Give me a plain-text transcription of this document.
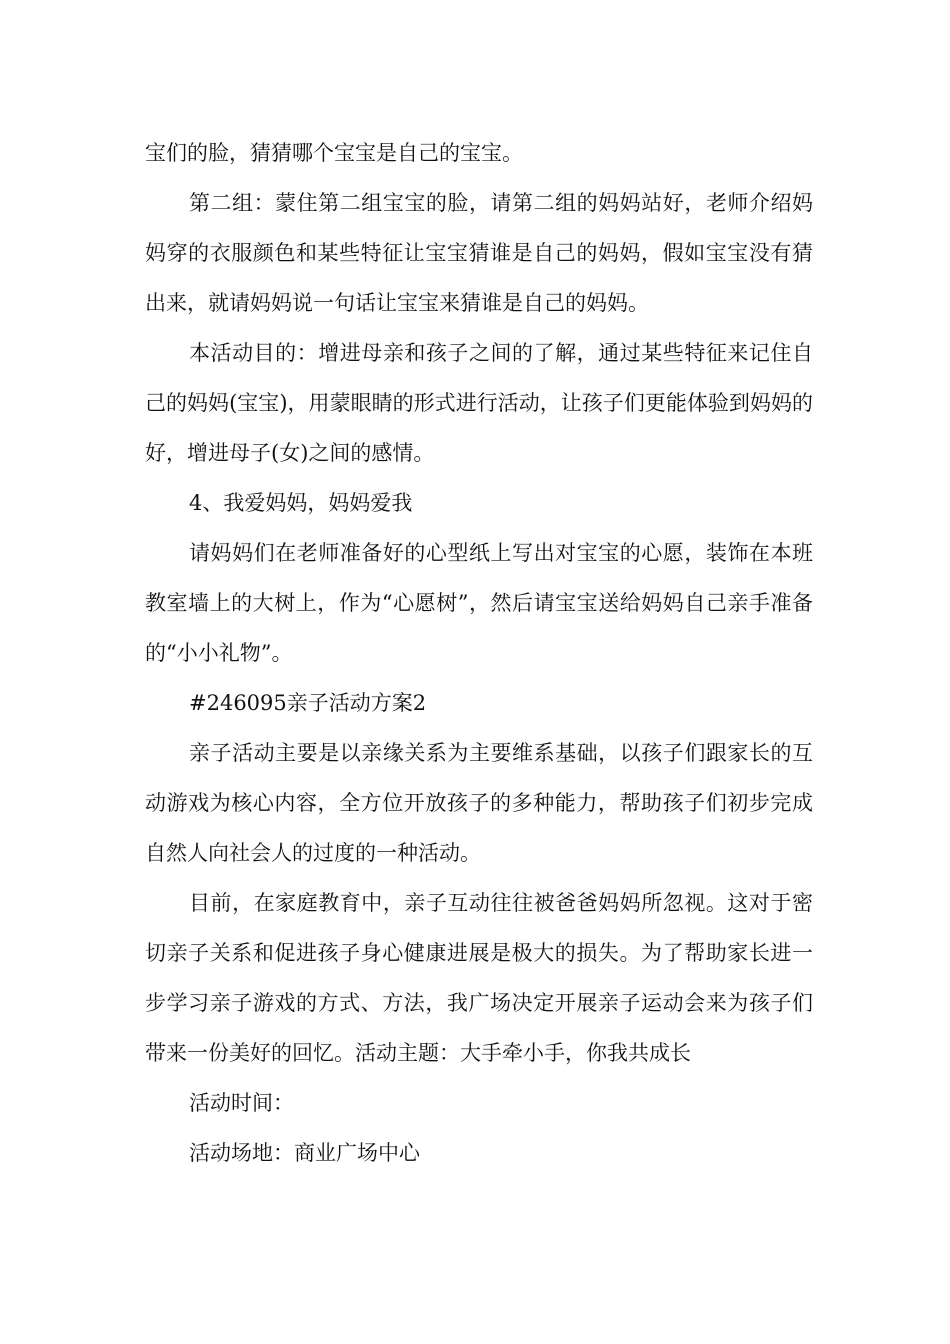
宝们的脸，猜猜哪个宝宝是自己的宝宝。

第二组：蒙住第二组宝宝的脸，请第二组的妈妈站好，老师介绍妈妈穿的衣服颜色和某些特征让宝宝猜谁是自己的妈妈，假如宝宝没有猜出来，就请妈妈说一句话让宝宝来猜谁是自己的妈妈。

本活动目的：增进母亲和孩子之间的了解，通过某些特征来记住自己的妈妈(宝宝)，用蒙眼睛的形式进行活动，让孩子们更能体验到妈妈的好，增进母子(女)之间的感情。

4、我爱妈妈，妈妈爱我

请妈妈们在老师准备好的心型纸上写出对宝宝的心愿，装饰在本班教室墙上的大树上，作为“心愿树”，然后请宝宝送给妈妈自己亲手准备的“小小礼物”。

#246095亲子活动方案2

亲子活动主要是以亲缘关系为主要维系基础，以孩子们跟家长的互动游戏为核心内容，全方位开放孩子的多种能力，帮助孩子们初步完成自然人向社会人的过度的一种活动。

目前，在家庭教育中，亲子互动往往被爸爸妈妈所忽视。这对于密切亲子关系和促进孩子身心健康进展是极大的损失。为了帮助家长进一步学习亲子游戏的方式、方法，我广场决定开展亲子运动会来为孩子们带来一份美好的回忆。活动主题：大手牵小手，你我共成长

活动时间：

活动场地：商业广场中心
